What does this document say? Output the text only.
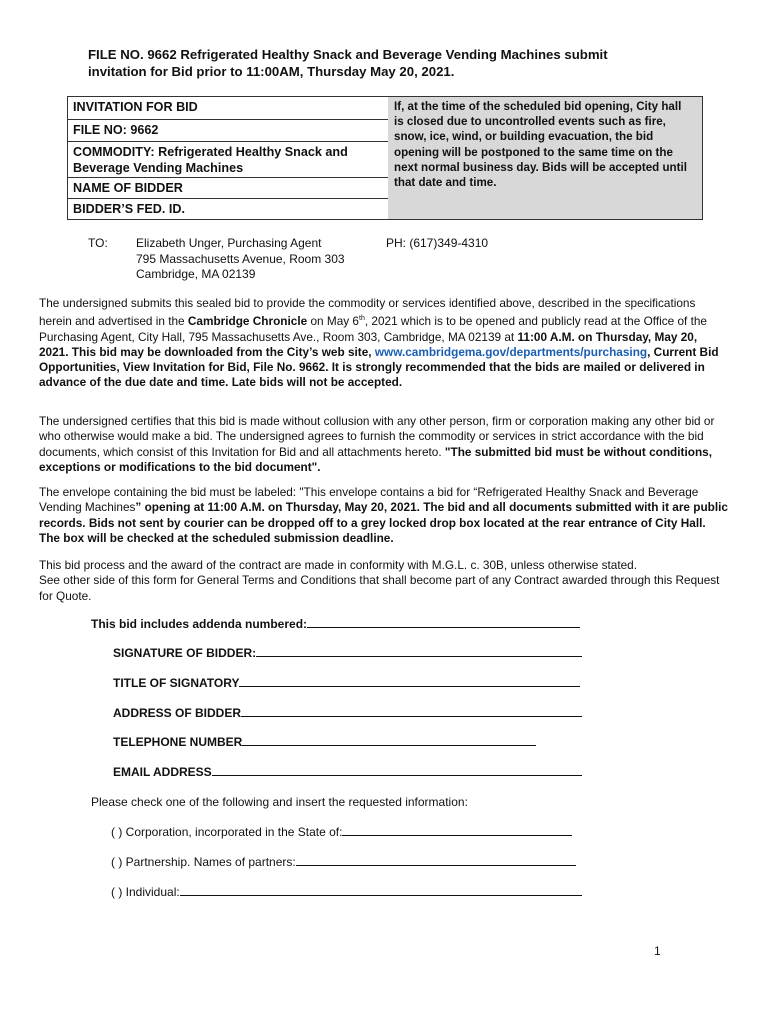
FILE NO. 9662 Refrigerated Healthy Snack and Beverage Vending Machines submit
invitation for Bid prior to 11:00AM, Thursday May 20, 2021.
INVITATION FOR BID
FILE NO: 9662
COMMODITY: Refrigerated Healthy Snack and Beverage Vending Machines
NAME OF BIDDER
BIDDER’S FED. ID.
If, at the time of the scheduled bid opening, City hall is closed due to uncontrolled events such as fire, snow, ice, wind, or building evacuation, the bid opening will be postponed to the same time on the next normal business day. Bids will be accepted until that date and time.
TO: Elizabeth Unger, Purchasing Agent
795 Massachusetts Avenue, Room 303
Cambridge, MA 02139
PH: (617)349-4310
The undersigned submits this sealed bid to provide the commodity or services identified above, described in the specifications herein and advertised in the Cambridge Chronicle on May 6th, 2021 which is to be opened and publicly read at the Office of the Purchasing Agent, City Hall, 795 Massachusetts Ave., Room 303, Cambridge, MA 02139 at 11:00 A.M. on Thursday, May 20, 2021. This bid may be downloaded from the City’s web site, www.cambridgema.gov/departments/purchasing, Current Bid Opportunities, View Invitation for Bid, File No. 9662. It is strongly recommended that the bids are mailed or delivered in advance of the due date and time. Late bids will not be accepted.
The undersigned certifies that this bid is made without collusion with any other person, firm or corporation making any other bid or who otherwise would make a bid. The undersigned agrees to furnish the commodity or services in strict accordance with the bid documents, which consist of this Invitation for Bid and all attachments hereto. "The submitted bid must be without conditions, exceptions or modifications to the bid document".
The envelope containing the bid must be labeled: "This envelope contains a bid for “Refrigerated Healthy Snack and Beverage Vending Machines” opening at 11:00 A.M. on Thursday, May 20, 2021. The bid and all documents submitted with it are public records. Bids not sent by courier can be dropped off to a grey locked drop box located at the rear entrance of City Hall. The box will be checked at the scheduled submission deadline.
This bid process and the award of the contract are made in conformity with M.G.L. c. 30B, unless otherwise stated.
See other side of this form for General Terms and Conditions that shall become part of any Contract awarded through this Request for Quote.
This bid includes addenda numbered:
SIGNATURE OF BIDDER:
TITLE OF SIGNATORY
ADDRESS OF BIDDER
TELEPHONE NUMBER
EMAIL ADDRESS
Please check one of the following and insert the requested information:
( ) Corporation, incorporated in the State of:
( ) Partnership. Names of partners:
( ) Individual:
1
